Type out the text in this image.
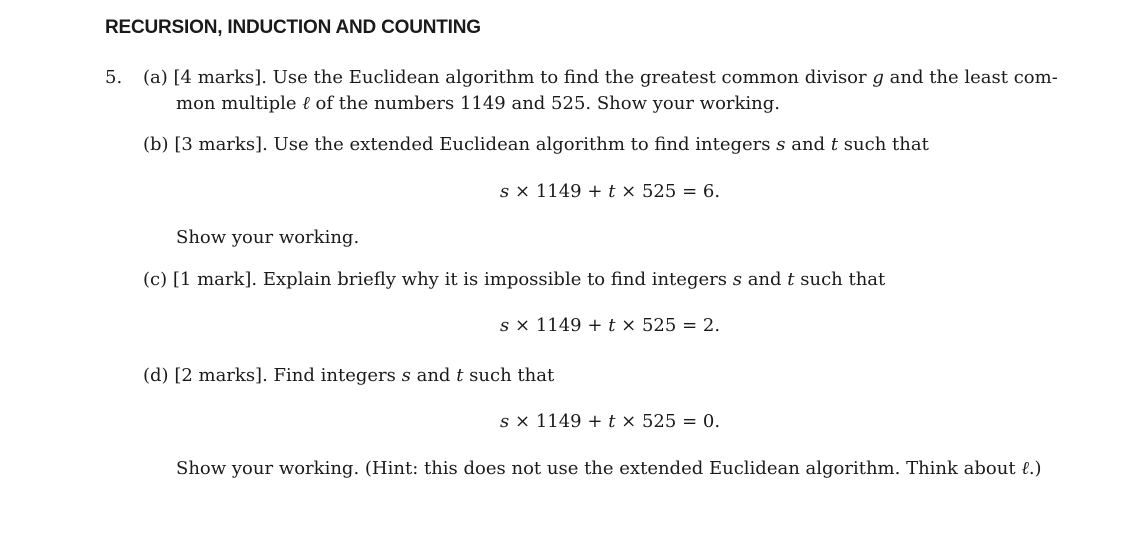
RECURSION, INDUCTION AND COUNTING
5. (a) [4 marks]. Use the Euclidean algorithm to find the greatest common divisor g and the least com-
mon multiple ℓ of the numbers 1149 and 525. Show your working.
(b) [3 marks]. Use the extended Euclidean algorithm to find integers s and t such that
s × 1149 + t × 525 = 6.
Show your working.
(c) [1 mark]. Explain briefly why it is impossible to find integers s and t such that
s × 1149 + t × 525 = 2.
(d) [2 marks]. Find integers s and t such that
s × 1149 + t × 525 = 0.
Show your working. (Hint: this does not use the extended Euclidean algorithm. Think about ℓ.)
